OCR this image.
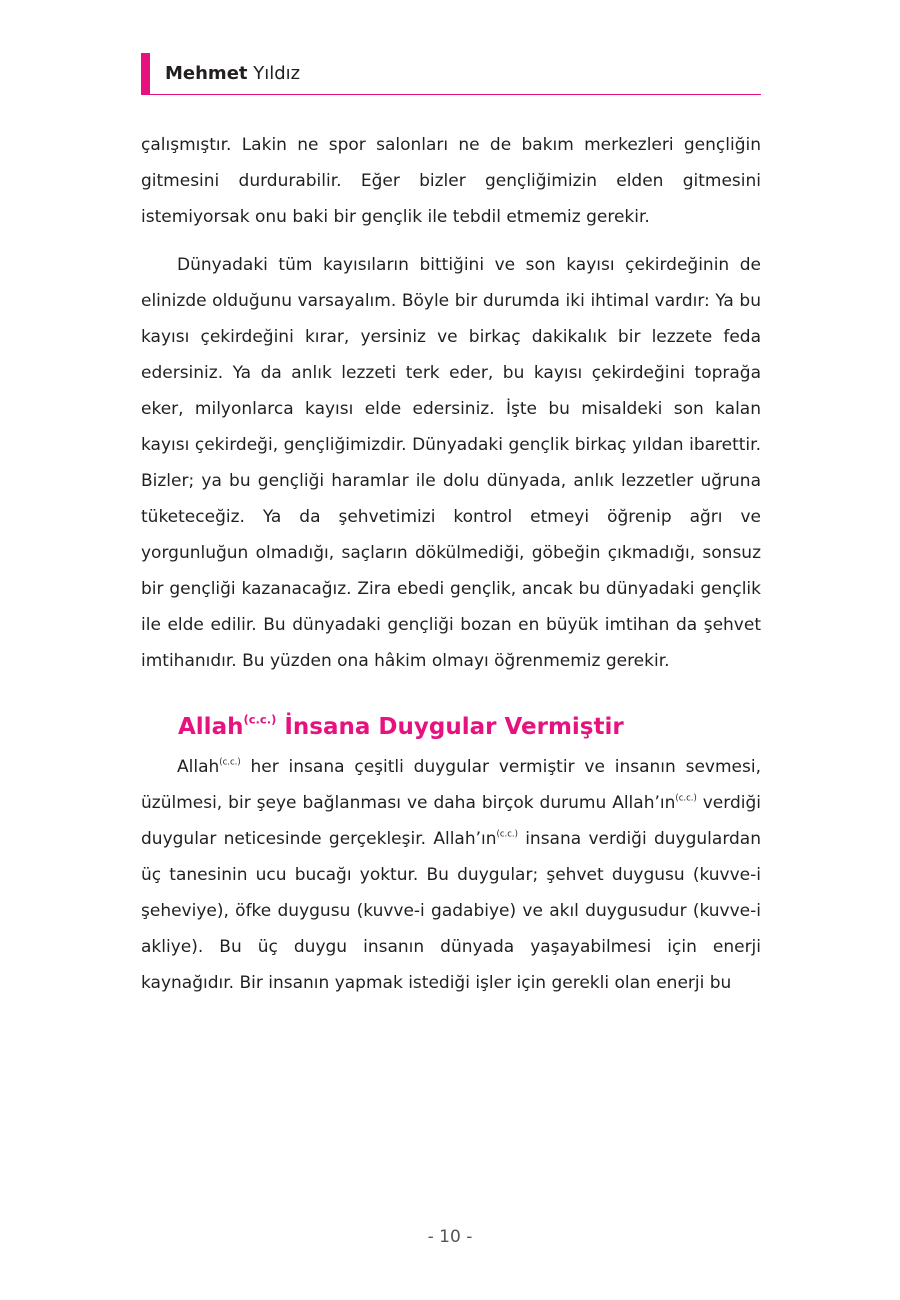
Mehmet Yıldız

çalışmıştır. Lakin ne spor salonları ne de bakım merkezleri gençliğin gitmesini durdurabilir. Eğer bizler gençliğimizin elden gitmesini istemiyorsak onu baki bir gençlik ile tebdil etmemiz gerekir.

Dünyadaki tüm kayısıların bittiğini ve son kayısı çekirdeğinin de elinizde olduğunu varsayalım. Böyle bir durumda iki ihtimal vardır: Ya bu kayısı çekirdeğini kırar, yersiniz ve birkaç dakikalık bir lezzete feda edersiniz. Ya da anlık lezzeti terk eder, bu kayısı çekirdeğini toprağa eker, milyonlarca kayısı elde edersiniz. İşte bu misaldeki son kalan kayısı çekirdeği, gençliğimizdir. Dünyadaki gençlik birkaç yıldan ibarettir. Bizler; ya bu gençliği haramlar ile dolu dünyada, anlık lezzetler uğruna tüketeceğiz. Ya da şehvetimizi kontrol etmeyi öğrenip ağrı ve yorgunluğun olmadığı, saçların dökülmediği, göbeğin çıkmadığı, sonsuz bir gençliği kazanacağız. Zira ebedi gençlik, ancak bu dünyadaki gençlik ile elde edilir. Bu dünyadaki gençliği bozan en büyük imtihan da şehvet imtihanıdır. Bu yüzden ona hâkim olmayı öğrenmemiz gerekir.

Allah$^{(c.c.)}$ İnsana Duygular Vermiştir

Allah$^{(c.c.)}$ her insana çeşitli duygular vermiştir ve insanın sevmesi, üzülmesi, bir şeye bağlanması ve daha birçok durumu $Allah’ın^{(c.c.)}$ verdiği duygular neticesinde gerçekleşir. $Allah’ın^{(c.c.)}$ insana verdiği duygulardan üç tanesinin ucu bucağı yoktur. Bu duygular; şehvet duygusu (kuvve-i şeheviye), öfke duygusu (kuvve-i gadabiye) ve akıl duygusudur (kuvve-i akliye). Bu üç duygu insanın dünyada yaşayabilmesi için enerji kaynağıdır. Bir insanın yapmak istediği işler için gerekli olan enerji bu

- 10 -
